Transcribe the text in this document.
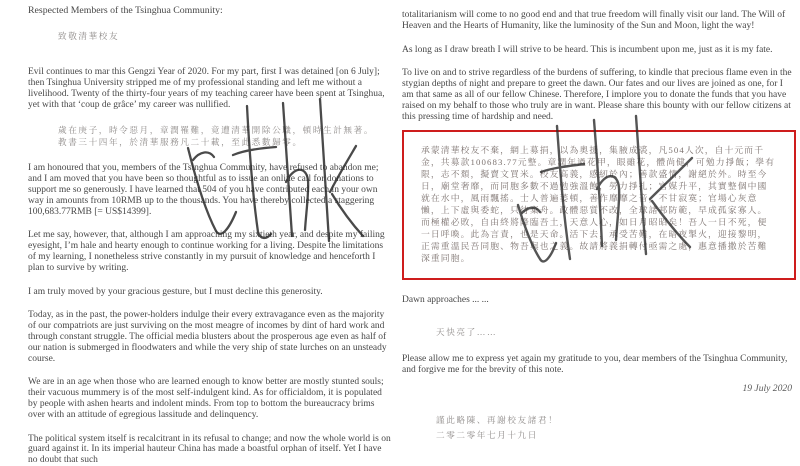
Respected Members of the Tsinghua Community:
致敬清華校友

Evil continues to mar this Gengzi Year of 2020. For my part, first I was detained [on 6 July]; then Tsinghua University stripped me of my professional standing and left me without a livelihood. Twenty of the thirty-four years of my teaching career have been spent at Tsinghua, yet with that ‘coup de grâce’ my career was nullified.

歲在庚子，時令惡月，章潤罹難，竟遭清華開除公職，頓時生計無著。教書三十四年，於清華服務凡二十載，至此悉數歸零。

I am honoured that you, members of the Tsinghua Community, have refused to abandon me; and I am moved that you have been so thoughtful as to issue an online call for donations to support me so generously. I have learned that 504 of you have contributed each in your own way in amounts from 10RMB up to the thousands. You have thereby collected a staggering 100,683.77RMB [= US$14399].

Let me say, however, that, although I am approaching my sixtieth year, and despite my failing eyesight, I’m hale and hearty enough to continue working for a living. Despite the limitations of my learning, I nonetheless strive constantly in my pursuit of knowledge and henceforth I plan to survive by writing.

I am truly moved by your gracious gesture, but I must decline this generosity.

Today, as in the past, the power-holders indulge their every extravagance even as the majority of our compatriots are just surviving on the most meagre of incomes by dint of hard work and through constant struggle. The official media blusters about the prosperous age even as half of our nation is submerged in floodwaters and while the very ship of state lurches on an unsteady course.

We are in an age when those who are learned enough to know better are mostly stunted souls; their vacuous mummery is of the most self-indulgent kind. As for officialdom, it is populated by people with ashen hearts and indolent minds. From top to bottom the bureaucracy brims over with an attitude of egregious lassitude and delinquency.

The political system itself is recalcitrant in its refusal to change; and now the whole world is on guard against it. In its imperial hauteur China has made a boastful orphan of itself. Yet I have no doubt that such

totalitarianism will come to no good end and that true freedom will finally visit our land. The Will of Heaven and the Hearts of Humanity, like the luminosity of the Sun and Moon, light the way!

As long as I draw breath I will strive to be heard. This is incumbent upon me, just as it is my fate.

To live on and to strive regardless of the burdens of suffering, to kindle that precious flame even in the stygian depths of night and prepare to greet the dawn. Our fates and our lives are joined as one, for I am that same as all of our fellow Chinese. Therefore, I implore you to donate the funds that you have raised on my behalf to those who truly are in want. Please share this bounty with our fellow citizens at this pressing time of hardship and need.

承蒙清華校友不棄，網上募捐，以為奧援，集腋成裘，凡504人次，自十元而千金，共募款100683.77元整。章潤年過花甲，眼雖花，體尚健，可勉力掙飯；學有限，志不頹，擬賣文買米。校友高義，感紉於內；善款盛情，謝絕於外。時至今日，廟堂奢靡，而同胞多數不過勉強溫飽，勞力掙扎；官媒升平，其實整個中國就在水中，風雨飄搖。士人普遍萎頓，善作靡靡之音，不甘寂寞；官場心灰意懶，上下虛與委蛇，只待棄舟。政體惡質不改，全球諸邦防範，早成孤家寡人。而極權必敗，自由終將降臨吾土，天意人心，如日月昭昭矣！吾人一日不死，便一日呼喚。此為言責，也是天命。活下去，承受苦難，在暗夜掣火，迎接黎明，正需重溫民吾同胞、物吾與也之義。故請將義捐轉付亟需之處，惠意播撒於苦難深重同胞。

Dawn approaches ... ...

天快亮了……

Please allow me to express yet again my gratitude to you, dear members of the Tsinghua Community, and forgive me for the brevity of this note.

19 July 2020
謹此略陳、再謝校友諸君！
二零二零年七月十九日
